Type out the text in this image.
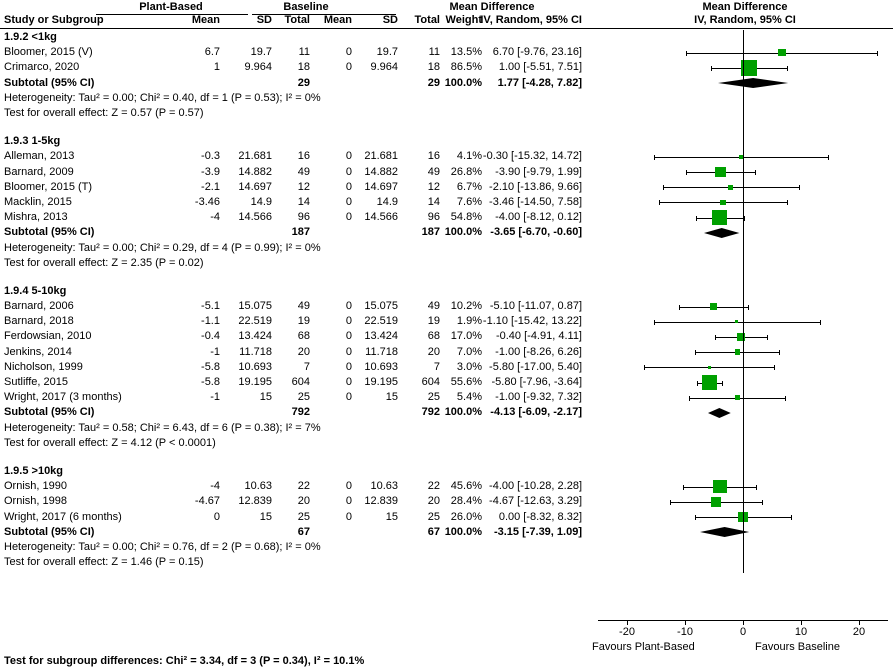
Plant-Based	Baseline	Mean Difference	Mean Difference
Study or Subgroup	Mean	SD	Total	Mean	SD	Total Weight
IV, Random, 95% CI	IV, Random, 95% CI
1.9.2 <1kg
Bloomer, 2015 (V)	6.7	19.7	11	0	19.7	11 13.5% 6.70 [-9.76, 23.16]
Crimarco, 2020	1	9.964	18	0	9.964	18 86.5%	1.00 [-5.51, 7.51]
Subtotal (95% CI)	29	29 100.0%	1.77 [-4.28, 7.82]
Heterogeneity: Tau² = 0.00; Chi² = 0.40, df = 1 (P = 0.53); I² = 0%
Test for overall effect: Z = 0.57 (P = 0.57)
1.9.3 1-5kg
Alleman, 2013	-0.3	21.681	16	0	21.681	16	4.1% -0.30 [-15.32, 14.72]
Barnard, 2009	-3.9	14.882	49	0	14.882	49 26.8%	-3.90 [-9.79, 1.99]
Bloomer, 2015 (T)	-2.1	14.697	12	0	14.697	12	6.7% -2.10 [-13.86, 9.66]
Macklin, 2015	-3.46	14.9	14	0	14.9	14	7.6% -3.46 [-14.50, 7.58]
Mishra, 2013	-4	14.566	96	0	14.566	96 54.8%	-4.00 [-8.12, 0.12]
Subtotal (95% CI)	187	187 100.0% -3.65 [-6.70, -0.60]
Heterogeneity: Tau² = 0.00; Chi² = 0.29, df = 4 (P = 0.99); I² = 0%
Test for overall effect: Z = 2.35 (P = 0.02)
1.9.4 5-10kg
Barnard, 2006	-5.1	15.075	49	0	15.075	49 10.2% -5.10 [-11.07, 0.87]
Barnard, 2018	-1.1	22.519	19	0	22.519	19	1.9% -1.10 [-15.42, 13.22]
Ferdowsian, 2010	-0.4	13.424	68	0	13.424	68 17.0%	-0.40 [-4.91, 4.11]
Jenkins, 2014	-1	11.718	20	0	11.718	20	7.0%	-1.00 [-8.26, 6.26]
Nicholson, 1999	-5.8	10.693	7	0	10.693	7	3.0% -5.80 [-17.00, 5.40]
Sutliffe, 2015	-5.8	19.195	604	0	19.195	604 55.6% -5.80 [-7.96, -3.64]
Wright, 2017 (3 months)	-1	15	25	0	15	25	5.4%	-1.00 [-9.32, 7.32]
Subtotal (95% CI)	792	792 100.0% -4.13 [-6.09, -2.17]
Heterogeneity: Tau² = 0.58; Chi² = 6.43, df = 6 (P = 0.38); I² = 7%
Test for overall effect: Z = 4.12 (P < 0.0001)
1.9.5 >10kg
Ornish, 1990	-4	10.63	22	0	10.63	22 45.6% -4.00 [-10.28, 2.28]
Ornish, 1998	-4.67	12.839	20	0	12.839	20 28.4% -4.67 [-12.63, 3.29]
Wright, 2017 (6 months)	0	15	25	0	15	25 26.0%	0.00 [-8.32, 8.32]
Subtotal (95% CI)	67	67 100.0%	-3.15 [-7.39, 1.09]
Heterogeneity: Tau² = 0.00; Chi² = 0.76, df = 2 (P = 0.68); I² = 0%
Test for overall effect: Z = 1.46 (P = 0.15)
-20	-10	0	10	20
Favours Plant-Based	Favours Baseline
Test for subgroup differences: Chi² = 3.34, df = 3 (P = 0.34), I² = 10.1%
